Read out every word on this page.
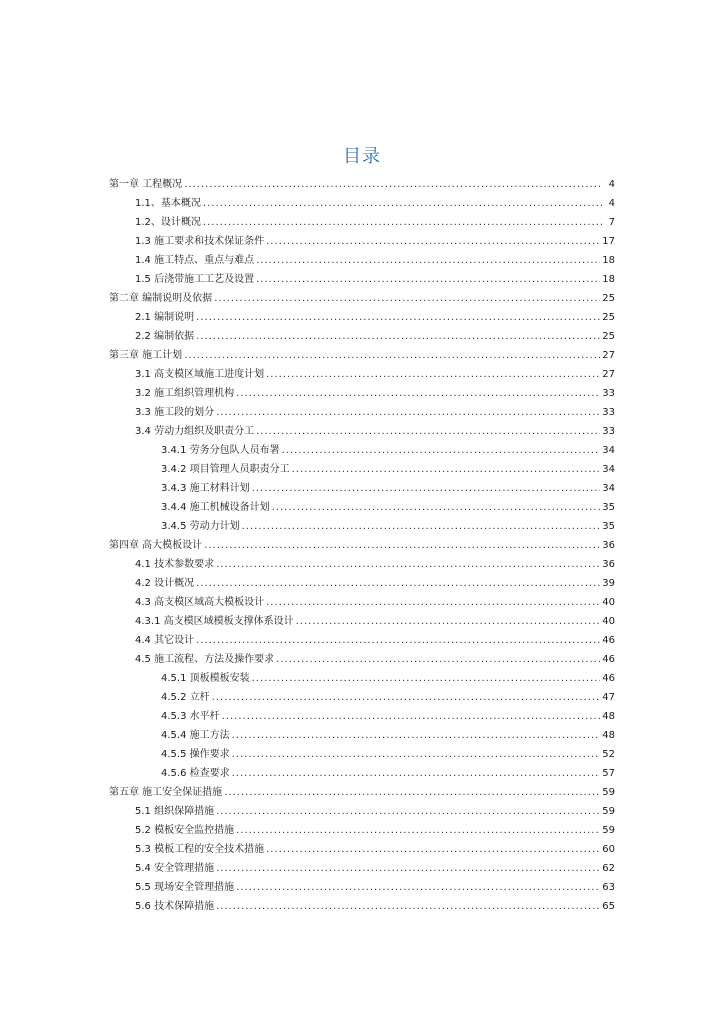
目录
第一章 工程概况 .....	4
1.1、基本概况 .....	4
1.2、设计概况 .....	7
1.3 施工要求和技术保证条件 .....	17
1.4 施工特点、重点与难点 .....	18
1.5 后浇带施工工艺及设置 .....	18
第二章 编制说明及依据 .....	25
2.1 编制说明 .....	25
2.2 编制依据 .....	25
第三章 施工计划 .....	27
3.1 高支模区域施工进度计划 .....	27
3.2 施工组织管理机构 .....	33
3.3 施工段的划分 .....	33
3.4 劳动力组织及职责分工 .....	33
3.4.1 劳务分包队人员布署 .....	34
3.4.2 项目管理人员职责分工 .....	34
3.4.3 施工材料计划 .....	34
3.4.4 施工机械设备计划 .....	35
3.4.5 劳动力计划 .....	35
第四章 高大模板设计 .....	36
4.1 技术参数要求 .....	36
4.2 设计概况 .....	39
4.3 高支模区域高大模板设计 .....	40
4.3.1 高支模区域模板支撑体系设计 .....	40
4.4 其它设计 .....	46
4.5 施工流程、方法及操作要求 .....	46
4.5.1 顶板模板安装 .....	46
4.5.2 立杆 .....	47
4.5.3 水平杆 .....	48
4.5.4 施工方法 .....	48
4.5.5 操作要求 .....	52
4.5.6 检查要求 .....	57
第五章 施工安全保证措施 .....	59
5.1 组织保障措施 .....	59
5.2 模板安全监控措施 .....	59
5.3 模板工程的安全技术措施 .....	60
5.4 安全管理措施 .....	62
5.5 现场安全管理措施 .....	63
5.6 技术保障措施 .....	65
